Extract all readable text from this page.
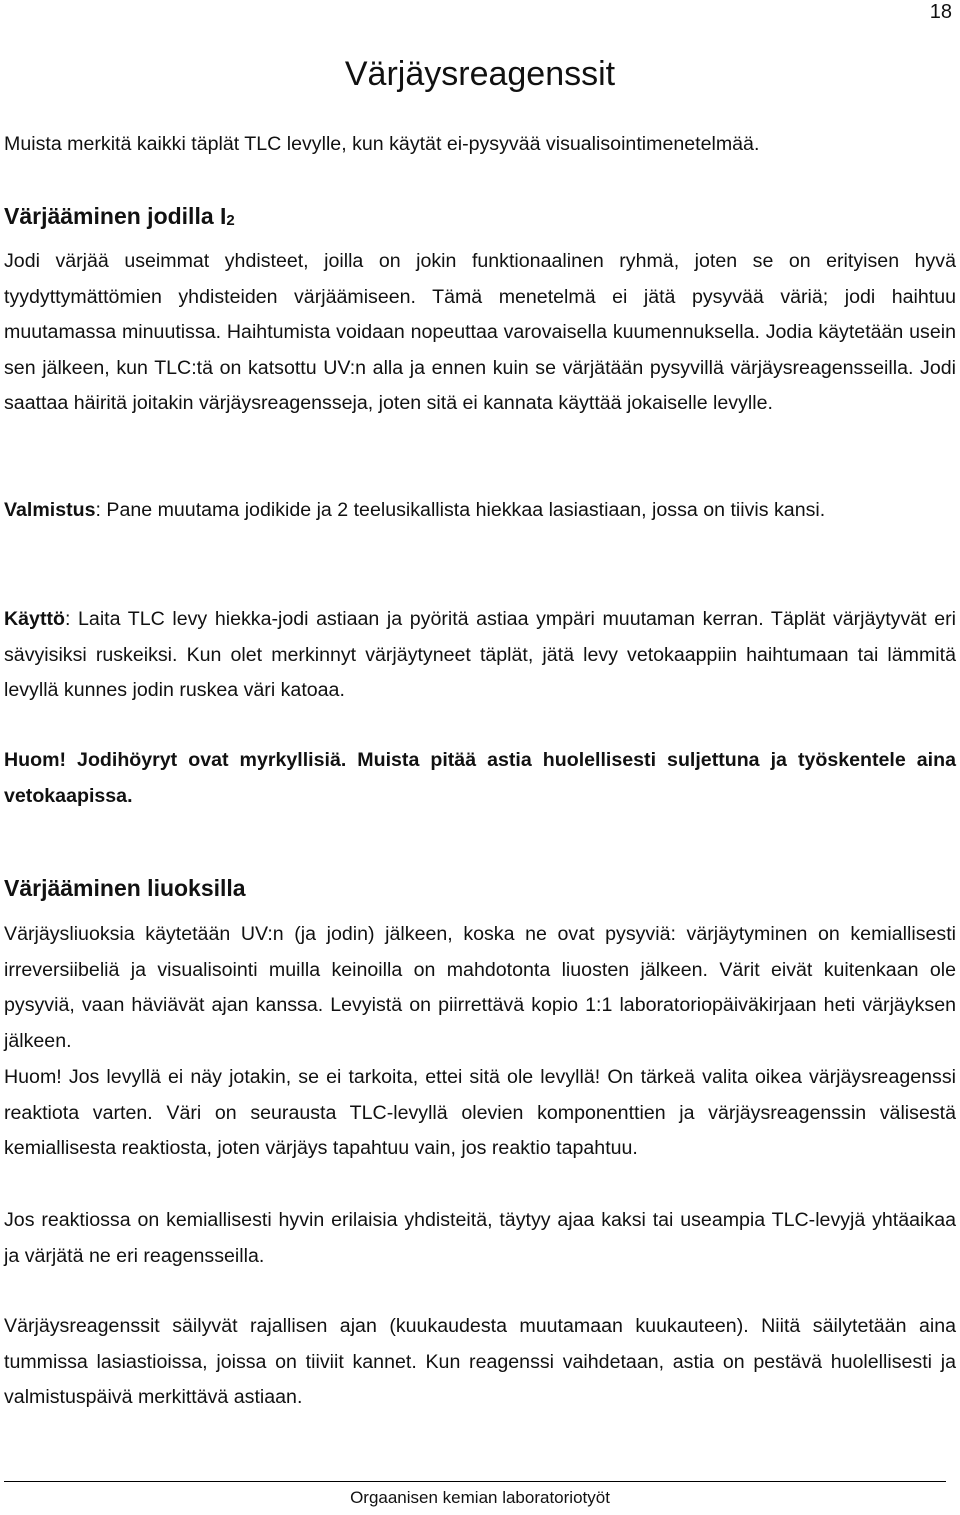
18
Värjäysreagenssit

Muista merkitä kaikki täplät TLC levylle, kun käytät ei-pysyvää visualisointimenetelmää.

Värjääminen jodilla $I_2$

Jodi värjää useimmat yhdisteet, joilla on jokin funktionaalinen ryhmä, joten se on erityisen hyvä tyydyttymättömien yhdisteiden värjäämiseen. Tämä menetelmä ei jätä pysyvää väriä; jodi haihtuu muutamassa minuutissa. Haihtumista voidaan nopeuttaa varovaisella kuumennuksella. Jodia käytetään usein sen jälkeen, kun TLC:tä on katsottu UV:n alla ja ennen kuin se värjätään pysyvillä värjäysreagensseilla. Jodi saattaa häiritä joitakin värjäysreagensseja, joten sitä ei kannata käyttää jokaiselle levylle.

Valmistus: Pane muutama jodikide ja 2 teelusikallista hiekkaa lasiastiaan, jossa on tiivis kansi.

Käyttö: Laita TLC levy hiekka-jodi astiaan ja pyöritä astiaa ympäri muutaman kerran. Täplät värjäytyvät eri sävyisiksi ruskeiksi. Kun olet merkinnyt värjäytyneet täplät, jätä levy vetokaappiin haihtumaan tai lämmitä levyllä kunnes jodin ruskea väri katoaa.

Huom! Jodihöyryt ovat myrkyllisiä. Muista pitää astia huolellisesti suljettuna ja työskentele aina vetokaapissa.

Värjääminen liuoksilla

Värjäysliuoksia käytetään UV:n (ja jodin) jälkeen, koska ne ovat pysyviä: värjäytyminen on kemiallisesti irreversiibeliä ja visualisointi muilla keinoilla on mahdotonta liuosten jälkeen. Värit eivät kuitenkaan ole pysyviä, vaan häviävät ajan kanssa. Levyistä on piirrettävä kopio 1:1 laboratoriopäiväkirjaan heti värjäyksen jälkeen.

Huom! Jos levyllä ei näy jotakin, se ei tarkoita, ettei sitä ole levyllä! On tärkeä valita oikea värjäysreagenssi reaktiota varten. Väri on seurausta TLC-levyllä olevien komponenttien ja värjäysreagenssin välisestä kemiallisesta reaktiosta, joten värjäys tapahtuu vain, jos reaktio tapahtuu.

Jos reaktiossa on kemiallisesti hyvin erilaisia yhdisteitä, täytyy ajaa kaksi tai useampia TLC-levyjä yhtäaikaa ja värjätä ne eri reagensseilla.

Värjäysreagenssit säilyvät rajallisen ajan (kuukaudesta muutamaan kuukauteen). Niitä säilytetään aina tummissa lasiastioissa, joissa on tiiviit kannet. Kun reagenssi vaihdetaan, astia on pestävä huolellisesti ja valmistuspäivä merkittävä astiaan.

Orgaanisen kemian laboratoriotyöt
